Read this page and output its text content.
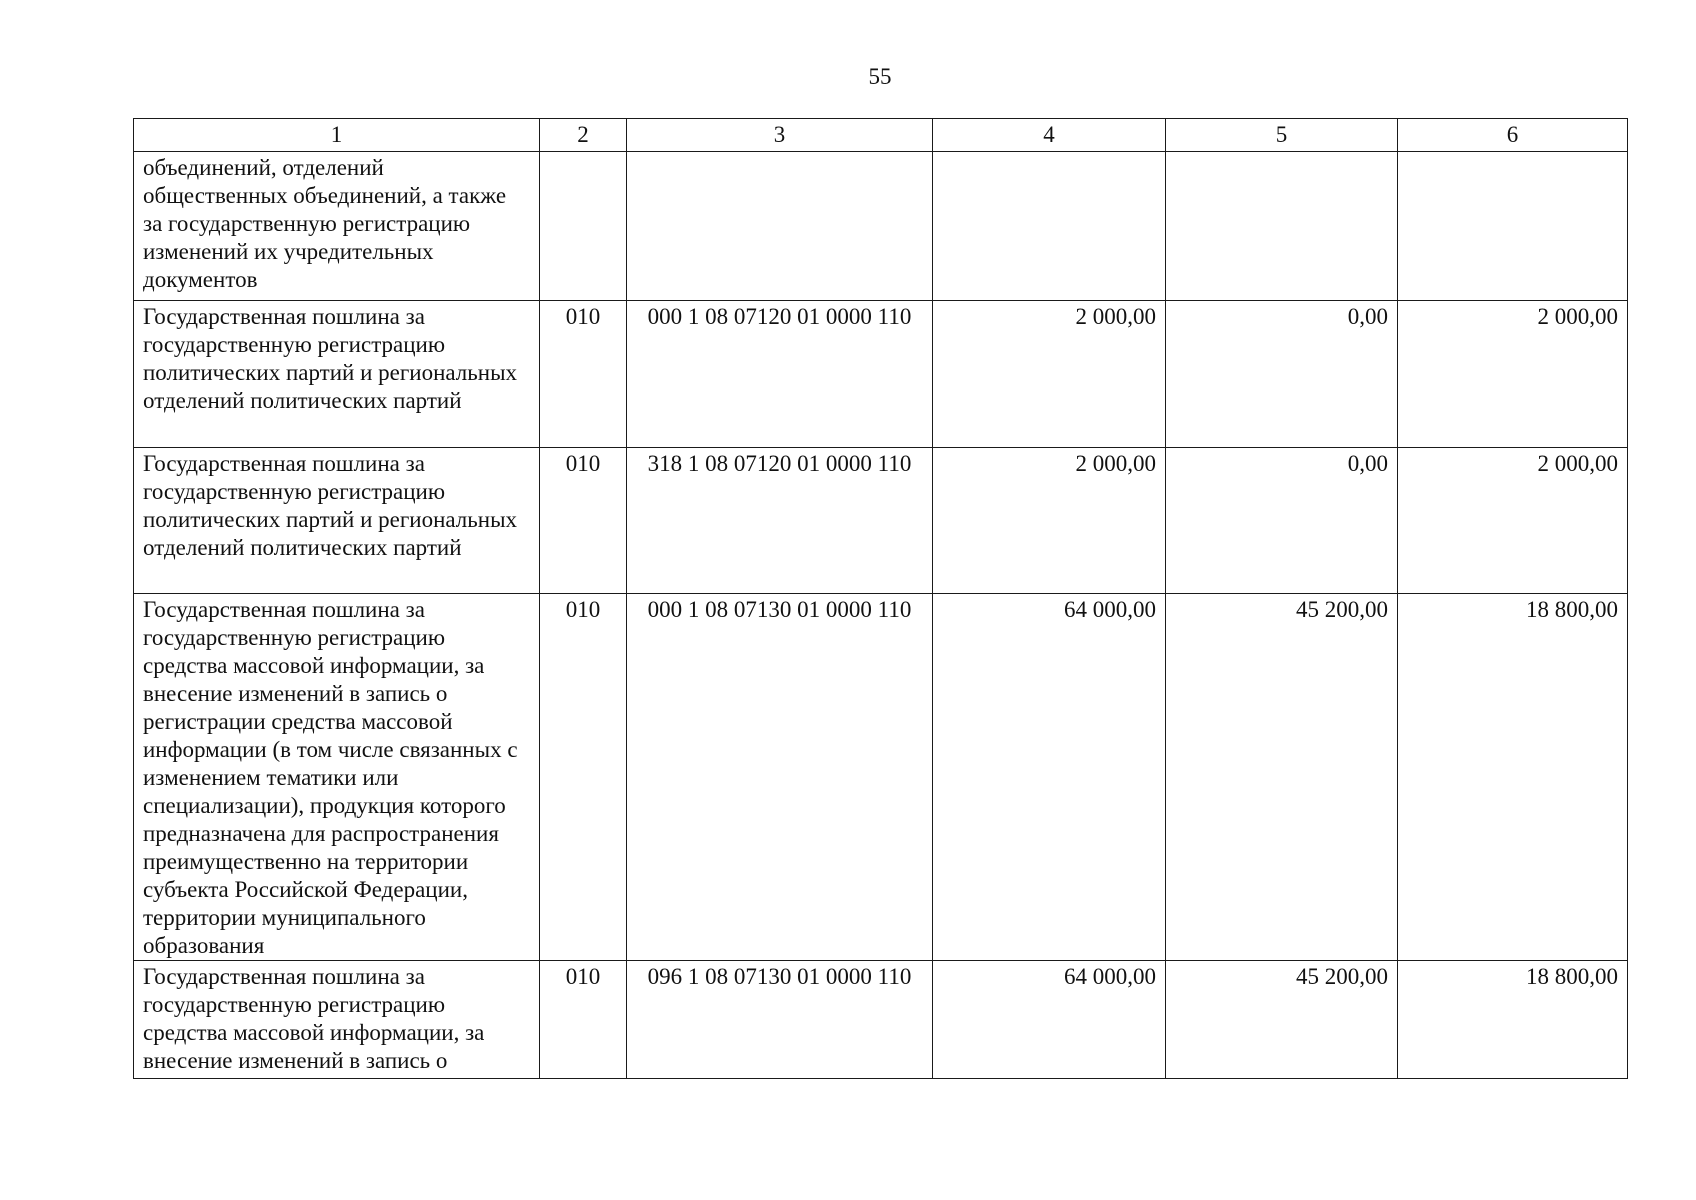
55
1	2	3	4	5	6
объединений, отделений общественных объединений, а также за государственную регистрацию изменений их учредительных документов					
Государственная пошлина за государственную регистрацию политических партий и региональных отделений политических партий	010	000 1 08 07120 01 0000 110	2 000,00	0,00	2 000,00
Государственная пошлина за государственную регистрацию политических партий и региональных отделений политических партий	010	318 1 08 07120 01 0000 110	2 000,00	0,00	2 000,00
Государственная пошлина за государственную регистрацию средства массовой информации, за внесение изменений в запись о регистрации средства массовой информации (в том числе связанных с изменением тематики или специализации), продукция которого предназначена для распространения преимущественно на территории субъекта Российской Федерации, территории муниципального образования	010	000 1 08 07130 01 0000 110	64 000,00	45 200,00	18 800,00
Государственная пошлина за государственную регистрацию средства массовой информации, за внесение изменений в запись о	010	096 1 08 07130 01 0000 110	64 000,00	45 200,00	18 800,00
